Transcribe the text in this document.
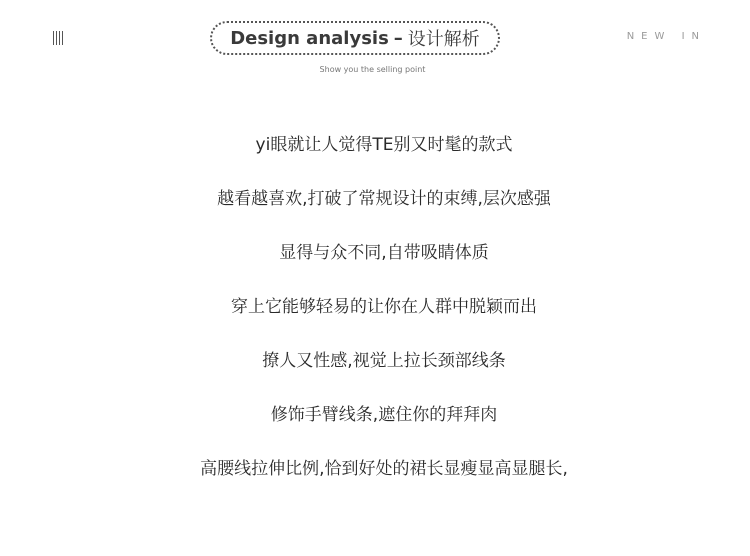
Design analysis – 设计解析
Show you the selling point
NEW IN
yi眼就让人觉得TE别又时髦的款式
越看越喜欢,打破了常规设计的束缚,层次感强
显得与众不同,自带吸睛体质
穿上它能够轻易的让你在人群中脱颖而出
撩人又性感,视觉上拉长颈部线条
修饰手臂线条,遮住你的拜拜肉
高腰线拉伸比例,恰到好处的裙长显瘦显高显腿长,
